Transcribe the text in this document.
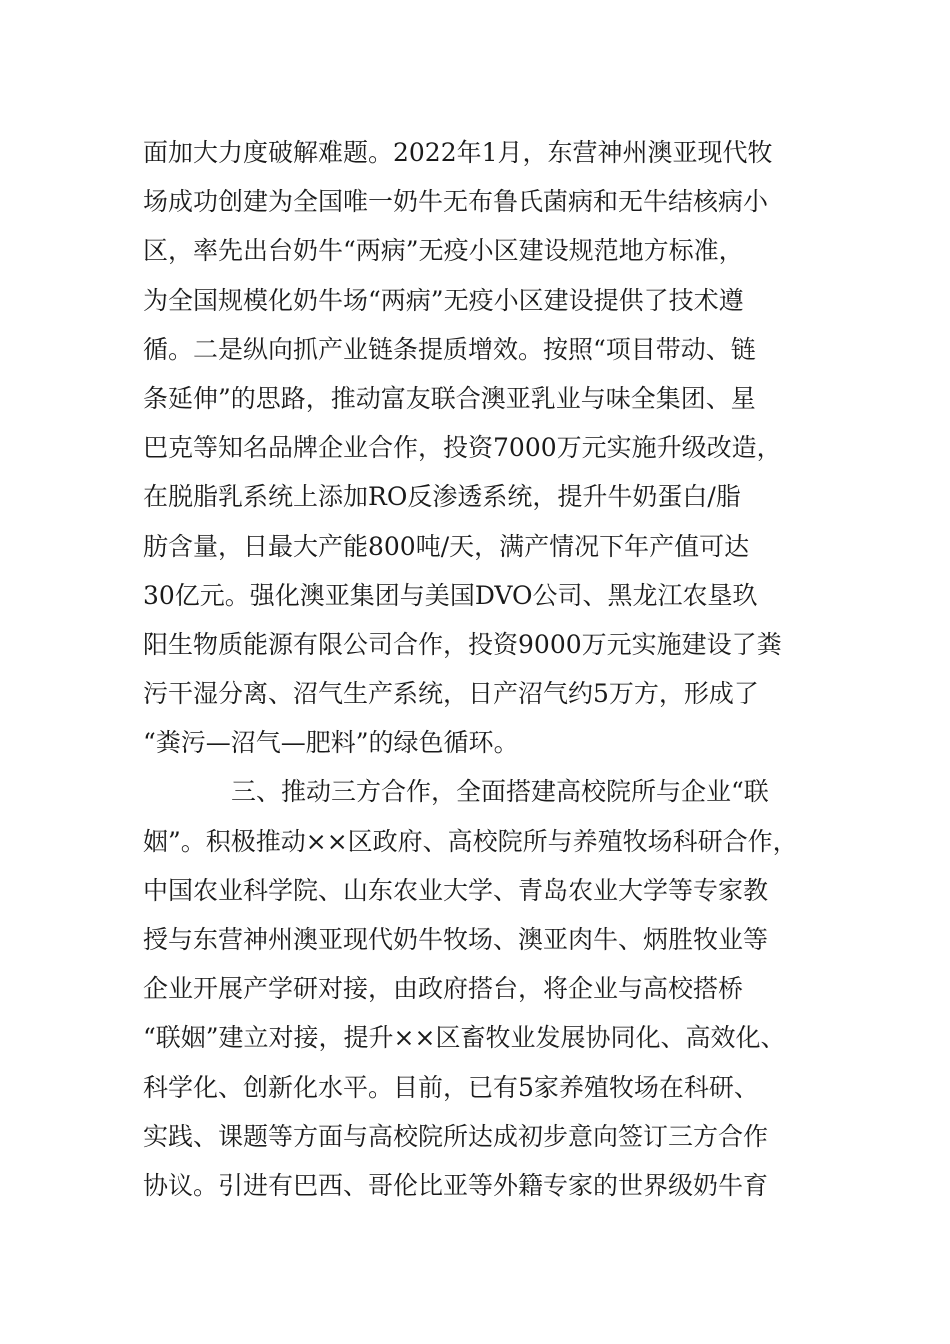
面加大力度破解难题。2022年1月，东营神州澳亚现代牧
场成功创建为全国唯一奶牛无布鲁氏菌病和无牛结核病小
区，率先出台奶牛“两病”无疫小区建设规范地方标准，
为全国规模化奶牛场“两病”无疫小区建设提供了技术遵
循。二是纵向抓产业链条提质增效。按照“项目带动、链
条延伸”的思路，推动富友联合澳亚乳业与味全集团、星
巴克等知名品牌企业合作，投资7000万元实施升级改造，
在脱脂乳系统上添加RO反渗透系统，提升牛奶蛋白/脂
肪含量，日最大产能800吨/天，满产情况下年产值可达
30亿元。强化澳亚集团与美国DVO公司、黑龙江农垦玖
阳生物质能源有限公司合作，投资9000万元实施建设了粪
污干湿分离、沼气生产系统，日产沼气约5万方，形成了
“粪污—沼气—肥料”的绿色循环。
三、推动三方合作，全面搭建高校院所与企业“联
姻”。积极推动××区政府、高校院所与养殖牧场科研合作，
中国农业科学院、山东农业大学、青岛农业大学等专家教
授与东营神州澳亚现代奶牛牧场、澳亚肉牛、炳胜牧业等
企业开展产学研对接，由政府搭台，将企业与高校搭桥
“联姻”建立对接，提升××区畜牧业发展协同化、高效化、
科学化、创新化水平。目前，已有5家养殖牧场在科研、
实践、课题等方面与高校院所达成初步意向签订三方合作
协议。引进有巴西、哥伦比亚等外籍专家的世界级奶牛育
